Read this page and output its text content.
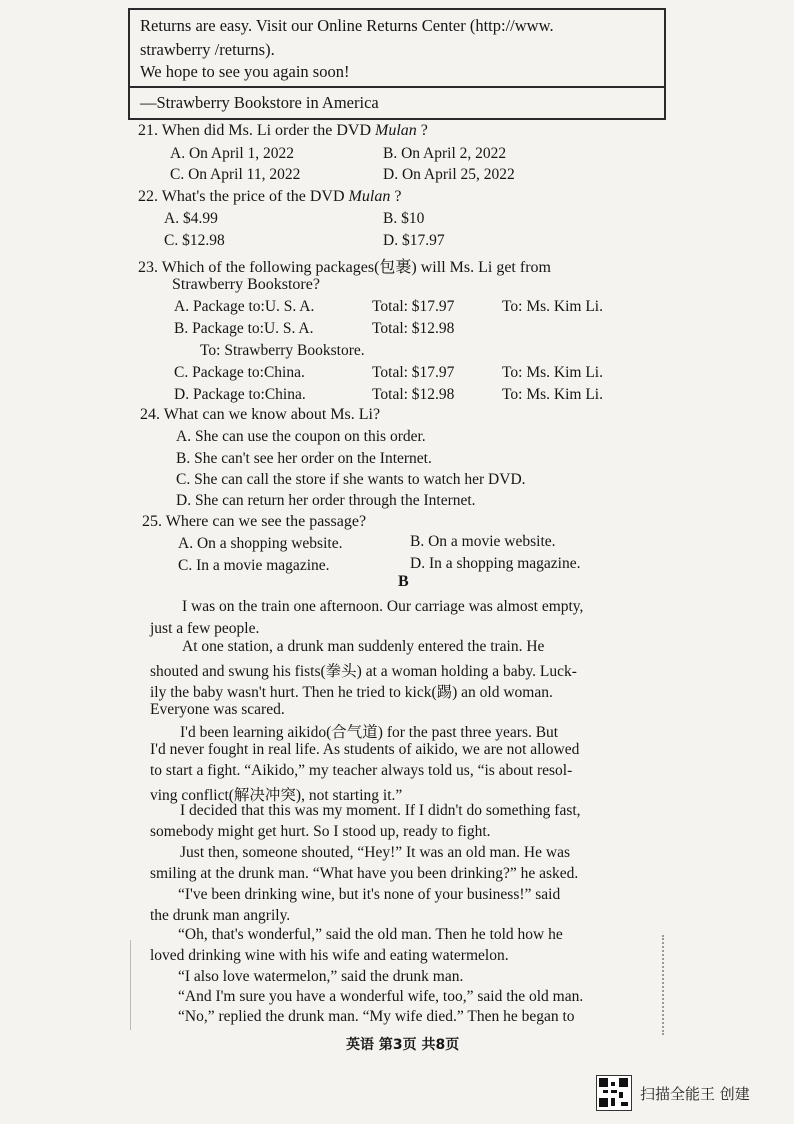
Returns are easy. Visit our Online Returns Center (http://www.
strawberry /returns).
We hope to see you again soon!
—Strawberry Bookstore in America
21. When did Ms. Li order the DVD Mulan ?
A. On April 1, 2022	B. On April 2, 2022
C. On April 11, 2022	D. On April 25, 2022
22. What's the price of the DVD Mulan ?
A. $4.99	B. $10
C. $12.98	D. $17.97
23. Which of the following packages(包裹) will Ms. Li get from
Strawberry Bookstore?
A. Package to:U. S. A.	Total: $17.97	To: Ms. Kim Li.
B. Package to:U. S. A.	Total: $12.98
To: Strawberry Bookstore.
C. Package to:China.	Total: $17.97	To: Ms. Kim Li.
D. Package to:China.	Total: $12.98	To: Ms. Kim Li.
24. What can we know about Ms. Li?
A. She can use the coupon on this order.
B. She can't see her order on the Internet.
C. She can call the store if she wants to watch her DVD.
D. She can return her order through the Internet.
25. Where can we see the passage?
A. On a shopping website.	B. On a movie website.
C. In a movie magazine.	D. In a shopping magazine.
B
I was on the train one afternoon. Our carriage was almost empty,
just a few people.
At one station, a drunk man suddenly entered the train. He
shouted and swung his fists(拳头) at a woman holding a baby. Luck-
ily the baby wasn't hurt. Then he tried to kick(踢) an old woman.
Everyone was scared.
I'd been learning aikido(合气道) for the past three years. But
I'd never fought in real life. As students of aikido, we are not allowed
to start a fight. “Aikido,” my teacher always told us, “is about resol-
ving conflict(解决冲突), not starting it.”
I decided that this was my moment. If I didn't do something fast,
somebody might get hurt. So I stood up, ready to fight.
Just then, someone shouted, “Hey!” It was an old man. He was
smiling at the drunk man. “What have you been drinking?” he asked.
“I've been drinking wine, but it's none of your business!” said
the drunk man angrily.
“Oh, that's wonderful,” said the old man. Then he told how he
loved drinking wine with his wife and eating watermelon.
“I also love watermelon,” said the drunk man.
“And I'm sure you have a wonderful wife, too,” said the old man.
“No,” replied the drunk man. “My wife died.” Then he began to
英语 第3页 共8页
扫描全能王 创建
